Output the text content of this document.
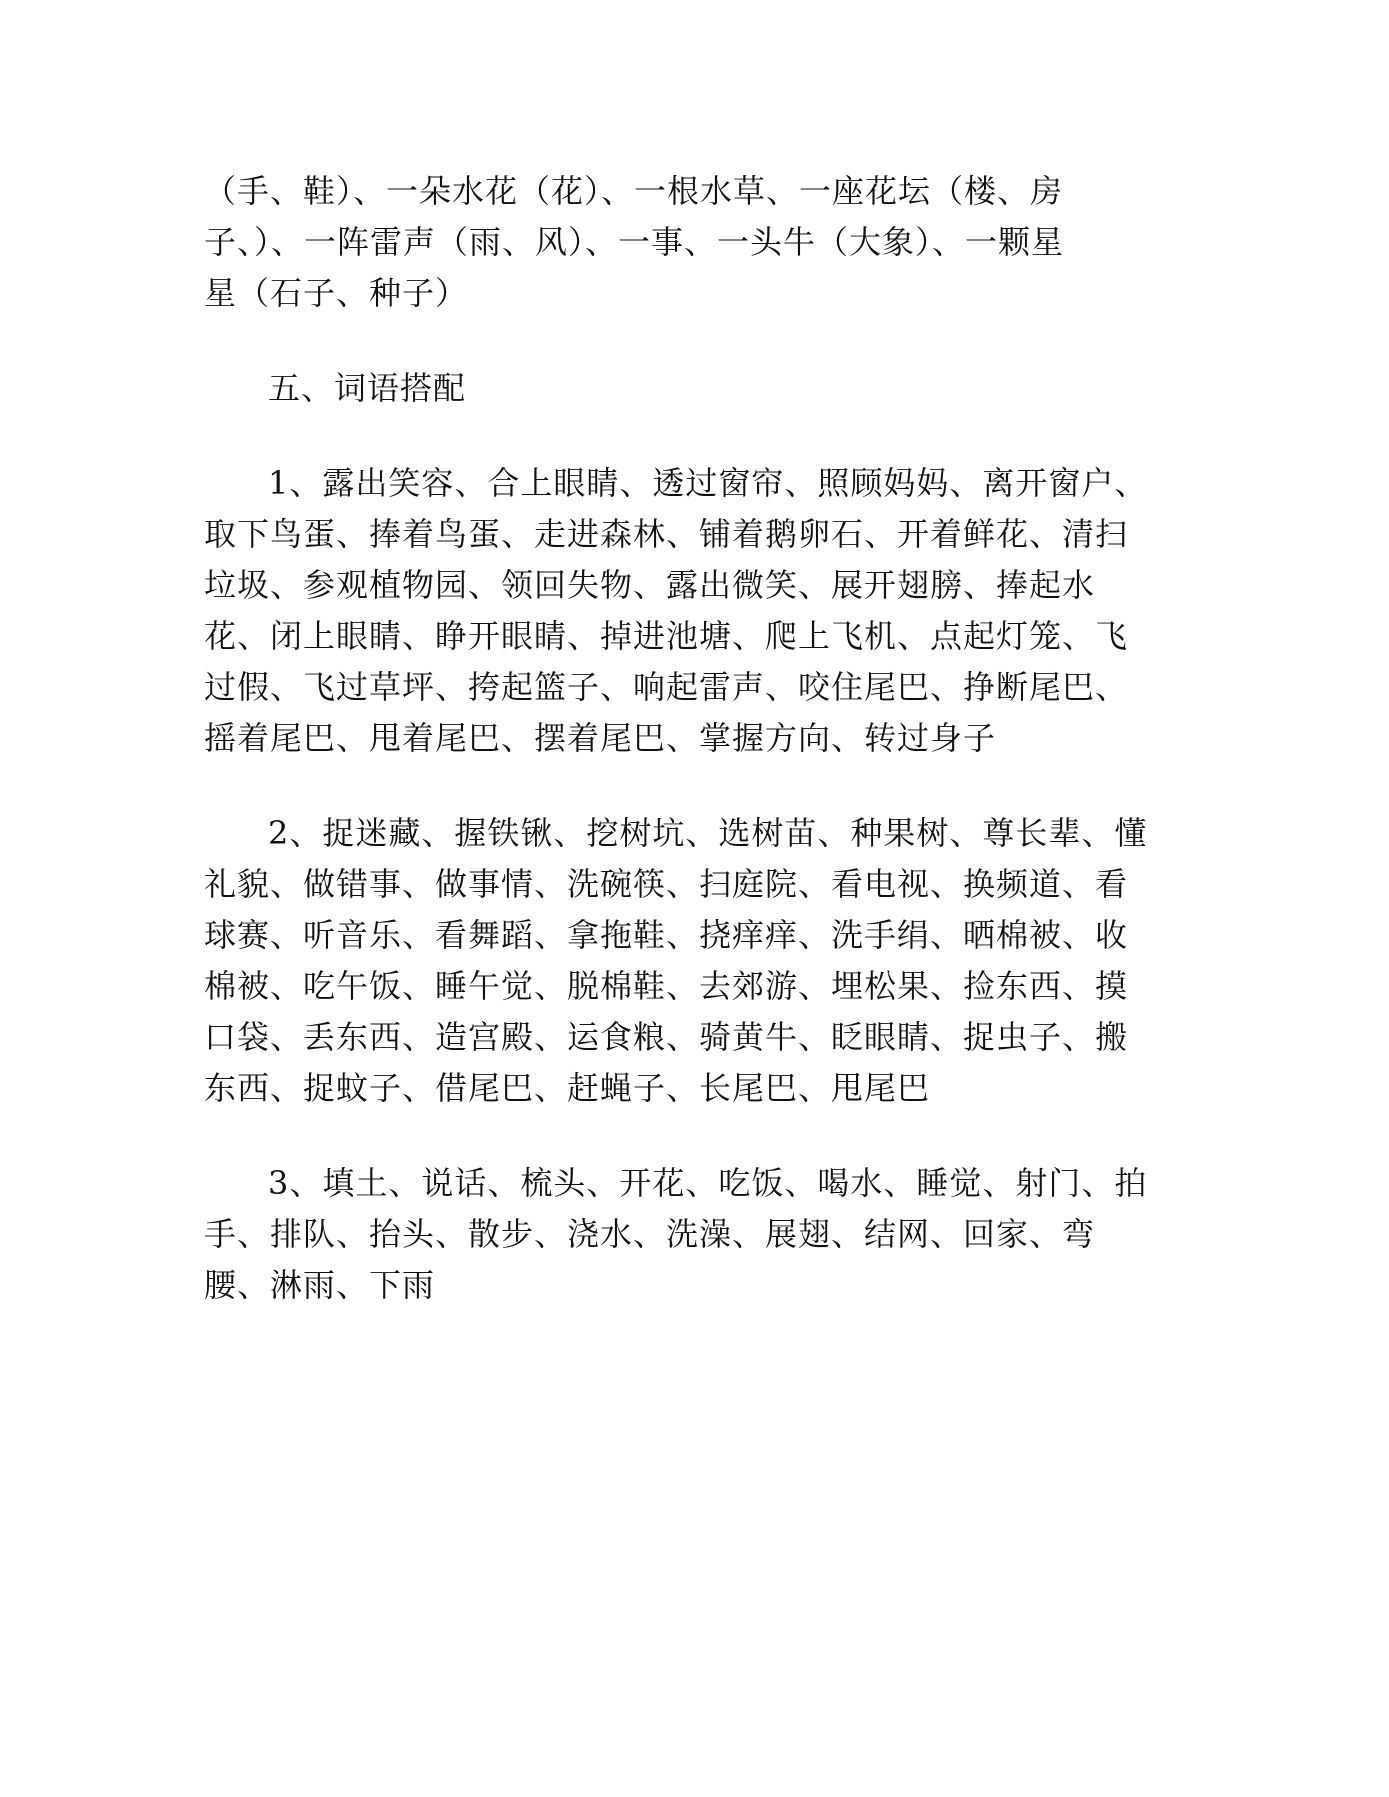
（手、鞋）、一朵水花（花）、一根水草、一座花坛（楼、房
子、）、一阵雷声（雨、风）、一事、一头牛（大象）、一颗星
星（石子、种子）
五、词语搭配
1、露出笑容、合上眼睛、透过窗帘、照顾妈妈、离开窗户、
取下鸟蛋、捧着鸟蛋、走进森林、铺着鹅卵石、开着鲜花、清扫
垃圾、参观植物园、领回失物、露出微笑、展开翅膀、捧起水
花、闭上眼睛、睁开眼睛、掉进池塘、爬上飞机、点起灯笼、飞
过假、飞过草坪、挎起篮子、响起雷声、咬住尾巴、挣断尾巴、
摇着尾巴、甩着尾巴、摆着尾巴、掌握方向、转过身子
2、捉迷藏、握铁锹、挖树坑、选树苗、种果树、尊长辈、懂
礼貌、做错事、做事情、洗碗筷、扫庭院、看电视、换频道、看
球赛、听音乐、看舞蹈、拿拖鞋、挠痒痒、洗手绢、晒棉被、收
棉被、吃午饭、睡午觉、脱棉鞋、去郊游、埋松果、捡东西、摸
口袋、丢东西、造宫殿、运食粮、骑黄牛、眨眼睛、捉虫子、搬
东西、捉蚊子、借尾巴、赶蝇子、长尾巴、甩尾巴
3、填土、说话、梳头、开花、吃饭、喝水、睡觉、射门、拍
手、排队、抬头、散步、浇水、洗澡、展翅、结网、回家、弯
腰、淋雨、下雨
